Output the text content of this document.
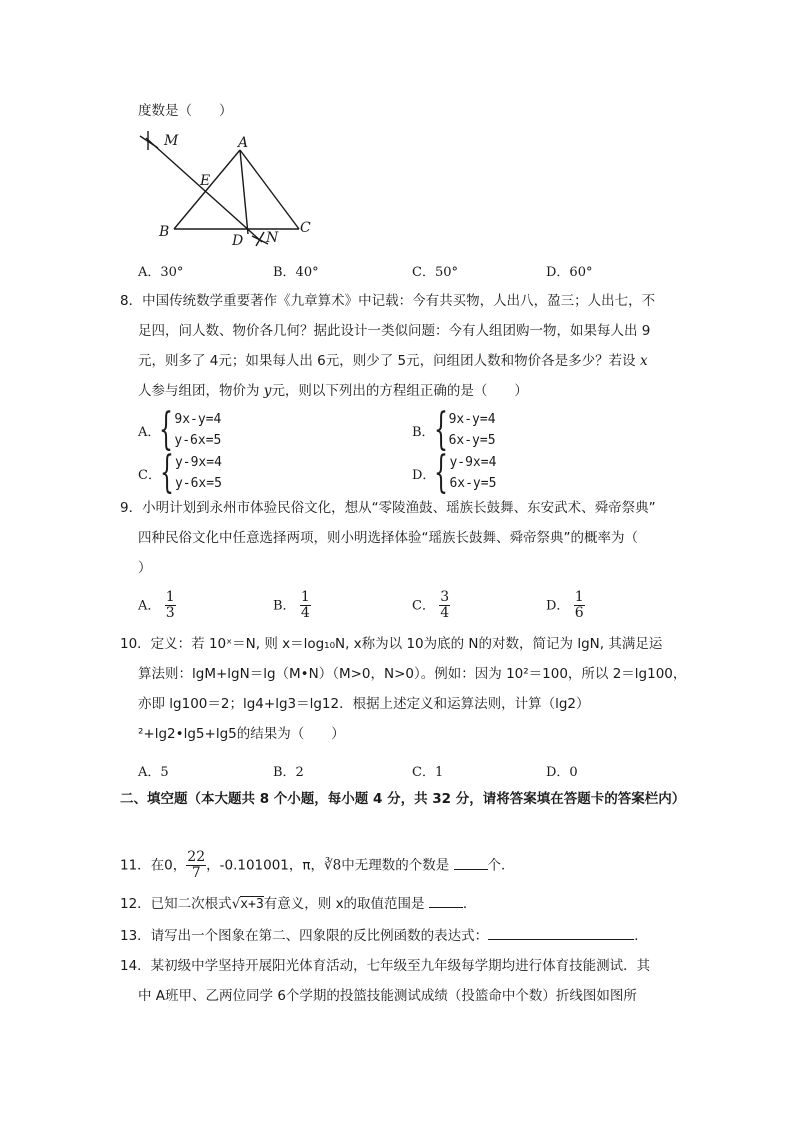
度数是（　　）
M	A
E
B
D N
C
A．30°	B．40°	C．50°	D．60°
8．中国传统数学重要著作《九章算术》中记载：今有共买物，人出八，盈三；人出七，不
足四，问人数、物价各几何？据此设计一类似问题：今有人组团购一物，如果每人出 9
元，则多了 4元；如果每人出 6元，则少了 5元，问组团人数和物价各是多少？若设 x
人参与组团，物价为 y元，则以下列出的方程组正确的是（　　）
A． { 9x-y=4
y-6x=5
B． { 9x-y=4
6x-y=5
C． { y-9x=4
y-6x=5
D． { y-9x=4
6x-y=5
9．小明计划到永州市体验民俗文化，想从“零陵渔鼓、瑶族长鼓舞、东安武术、舜帝祭典”
四种民俗文化中任意选择两项，则小明选择体验“瑶族长鼓舞、舜帝祭典”的概率为（
）
A． $\frac{1}{3}$	B． $\frac{1}{4}$	C． $\frac{3}{4}$	D． $\frac{1}{6}$
10．定义：若 10ˣ＝N, 则 x＝log₁₀N, x称为以 10为底的 N的对数，简记为 lgN, 其满足运
算法则：lgM+lgN＝lg（M•N）（M>0，N>0）。例如：因为 10²＝100，所以 2＝lg100，
亦即 lg100＝2；lg4+lg3＝lg12．根据上述定义和运算法则，计算（lg2）
²+lg2•lg5+lg5的结果为（　　）
A．5	B．2	C．1	D．0
二、填空题（本大题共 8 个小题，每小题 4 分，共 32 分，请将答案填在答题卡的答案栏内）
11．在0， $\frac{22}{7}$ ，-0.101001，π，∛8中无理数的个数是	个．
12．已知二次根式√x+3有意义，则 x的取值范围是	．
13．请写出一个图象在第二、四象限的反比例函数的表达式：	．
14．某初级中学坚持开展阳光体育活动，七年级至九年级每学期均进行体育技能测试．其
中 A班甲、乙两位同学 6个学期的投篮技能测试成绩（投篮命中个数）折线图如图所
